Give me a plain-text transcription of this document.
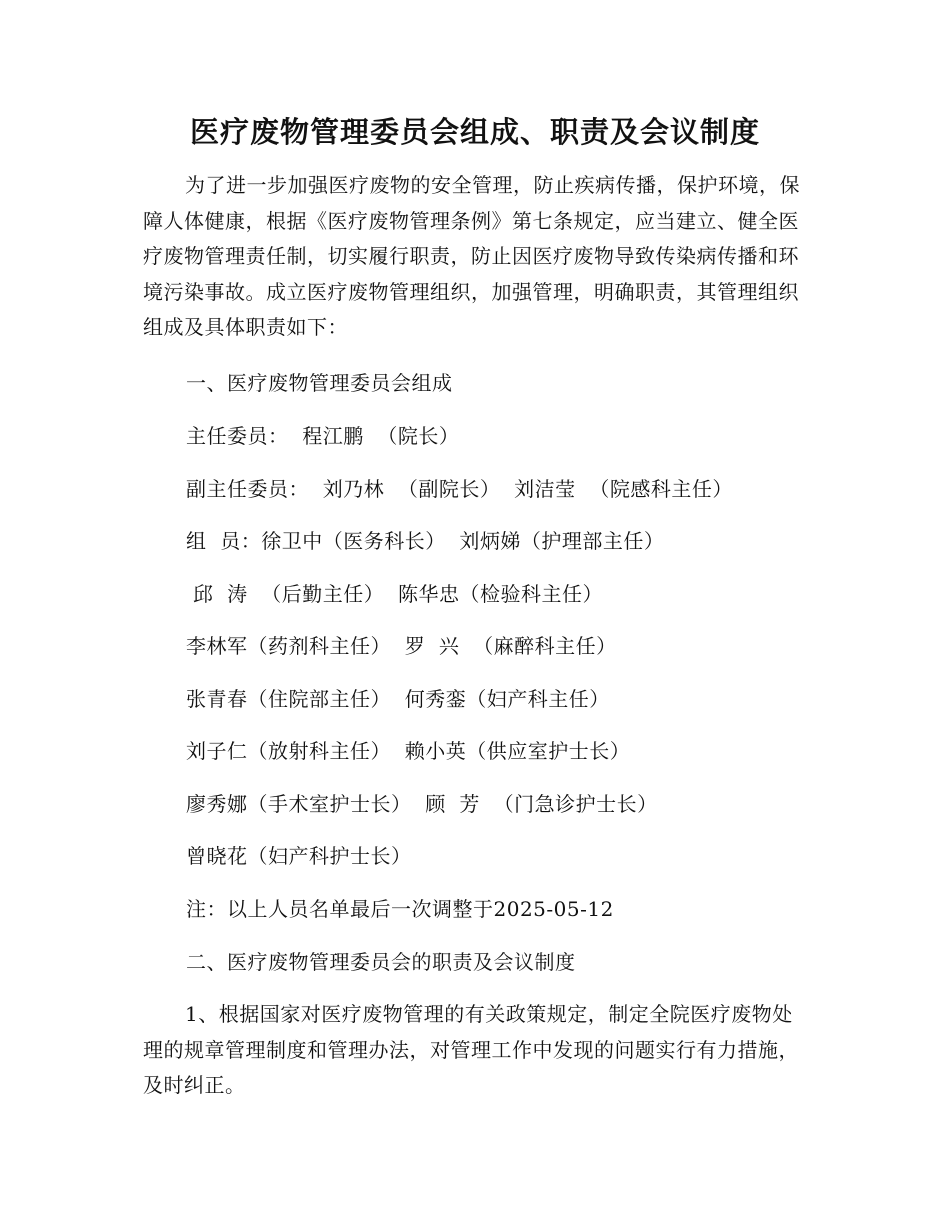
医疗废物管理委员会组成、职责及会议制度
为了进一步加强医疗废物的安全管理，防止疾病传播，保护环境，保障人体健康，根据《医疗废物管理条例》第七条规定，应当建立、健全医疗废物管理责任制，切实履行职责，防止因医疗废物导致传染病传播和环境污染事故。成立医疗废物管理组织，加强管理，明确职责，其管理组织组成及具体职责如下：
一、医疗废物管理委员会组成
主任委员：  程江鹏  （院长）
副主任委员：  刘乃林  （副院长）  刘洁莹  （院感科主任）
组  员：徐卫中（医务科长）  刘炳娣（护理部主任）
邱  涛  （后勤主任）  陈华忠（检验科主任）
李林军（药剂科主任）  罗  兴  （麻醉科主任）
张青春（住院部主任）  何秀銮（妇产科主任）
刘子仁（放射科主任）  赖小英（供应室护士长）
廖秀娜（手术室护士长）  顾  芳  （门急诊护士长）
曾晓花（妇产科护士长）
注：以上人员名单最后一次调整于2025-05-12
二、医疗废物管理委员会的职责及会议制度
1、根据国家对医疗废物管理的有关政策规定，制定全院医疗废物处理的规章管理制度和管理办法，对管理工作中发现的问题实行有力措施，及时纠正。
